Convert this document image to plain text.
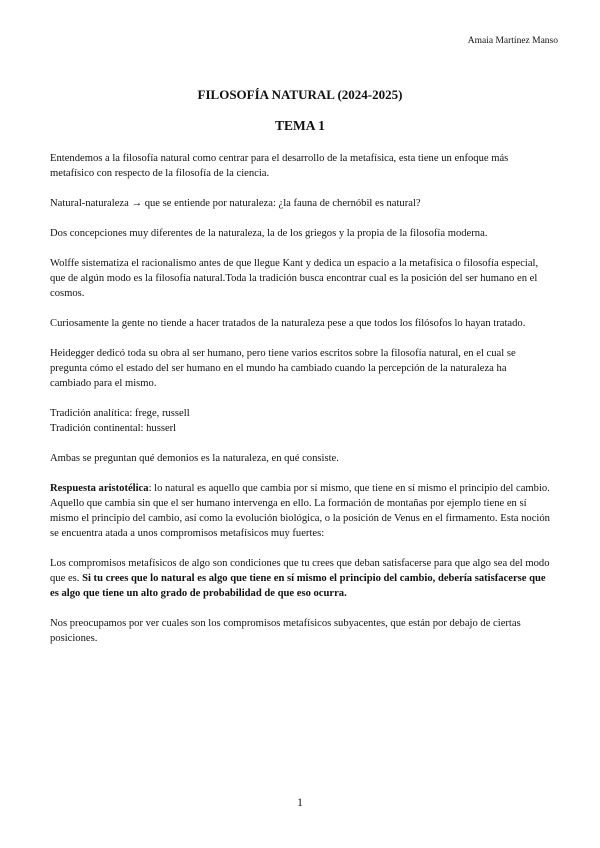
Amaia Martínez Manso
FILOSOFÍA NATURAL (2024-2025)
TEMA 1

Entendemos a la filosofía natural como centrar para el desarrollo de la metafísica, esta tiene un enfoque más metafísico con respecto de la filosofía de la ciencia.

Natural-naturaleza → que se entiende por naturaleza: ¿la fauna de chernóbil es natural?

Dos concepciones muy diferentes de la naturaleza, la de los griegos y la propia de la filosofía moderna.

Wolffe sistematiza el racionalismo antes de que llegue Kant y dedica un espacio a la metafísica o filosofía especial, que de algún modo es la filosofía natural.Toda la tradición busca encontrar cual es la posición del ser humano en el cosmos.

Curiosamente la gente no tiende a hacer tratados de la naturaleza pese a que todos los filósofos lo hayan tratado.

Heidegger dedicó toda su obra al ser humano, pero tiene varios escritos sobre la filosofía natural, en el cual se pregunta cómo el estado del ser humano en el mundo ha cambiado cuando la percepción de la naturaleza ha cambiado para el mismo.

Tradición analítica: frege, russell

Tradición continental: husserl

Ambas se preguntan qué demonios es la naturaleza, en qué consiste.

Respuesta aristotélica: lo natural es aquello que cambia por sí mismo, que tiene en sí mismo el principio del cambio. Aquello que cambia sin que el ser humano intervenga en ello. La formación de montañas por ejemplo tiene en sí mismo el principio del cambio, así como la evolución biológica, o la posición de Venus en el firmamento. Esta noción se encuentra atada a unos compromisos metafísicos muy fuertes:

Los compromisos metafísicos de algo son condiciones que tu crees que deban satisfacerse para que algo sea del modo que es. Si tu crees que lo natural es algo que tiene en sí mismo el principio del cambio, debería satisfacerse que es algo que tiene un alto grado de probabilidad de que eso ocurra.

Nos preocupamos por ver cuales son los compromisos metafísicos subyacentes, que están por debajo de ciertas posiciones.

1
